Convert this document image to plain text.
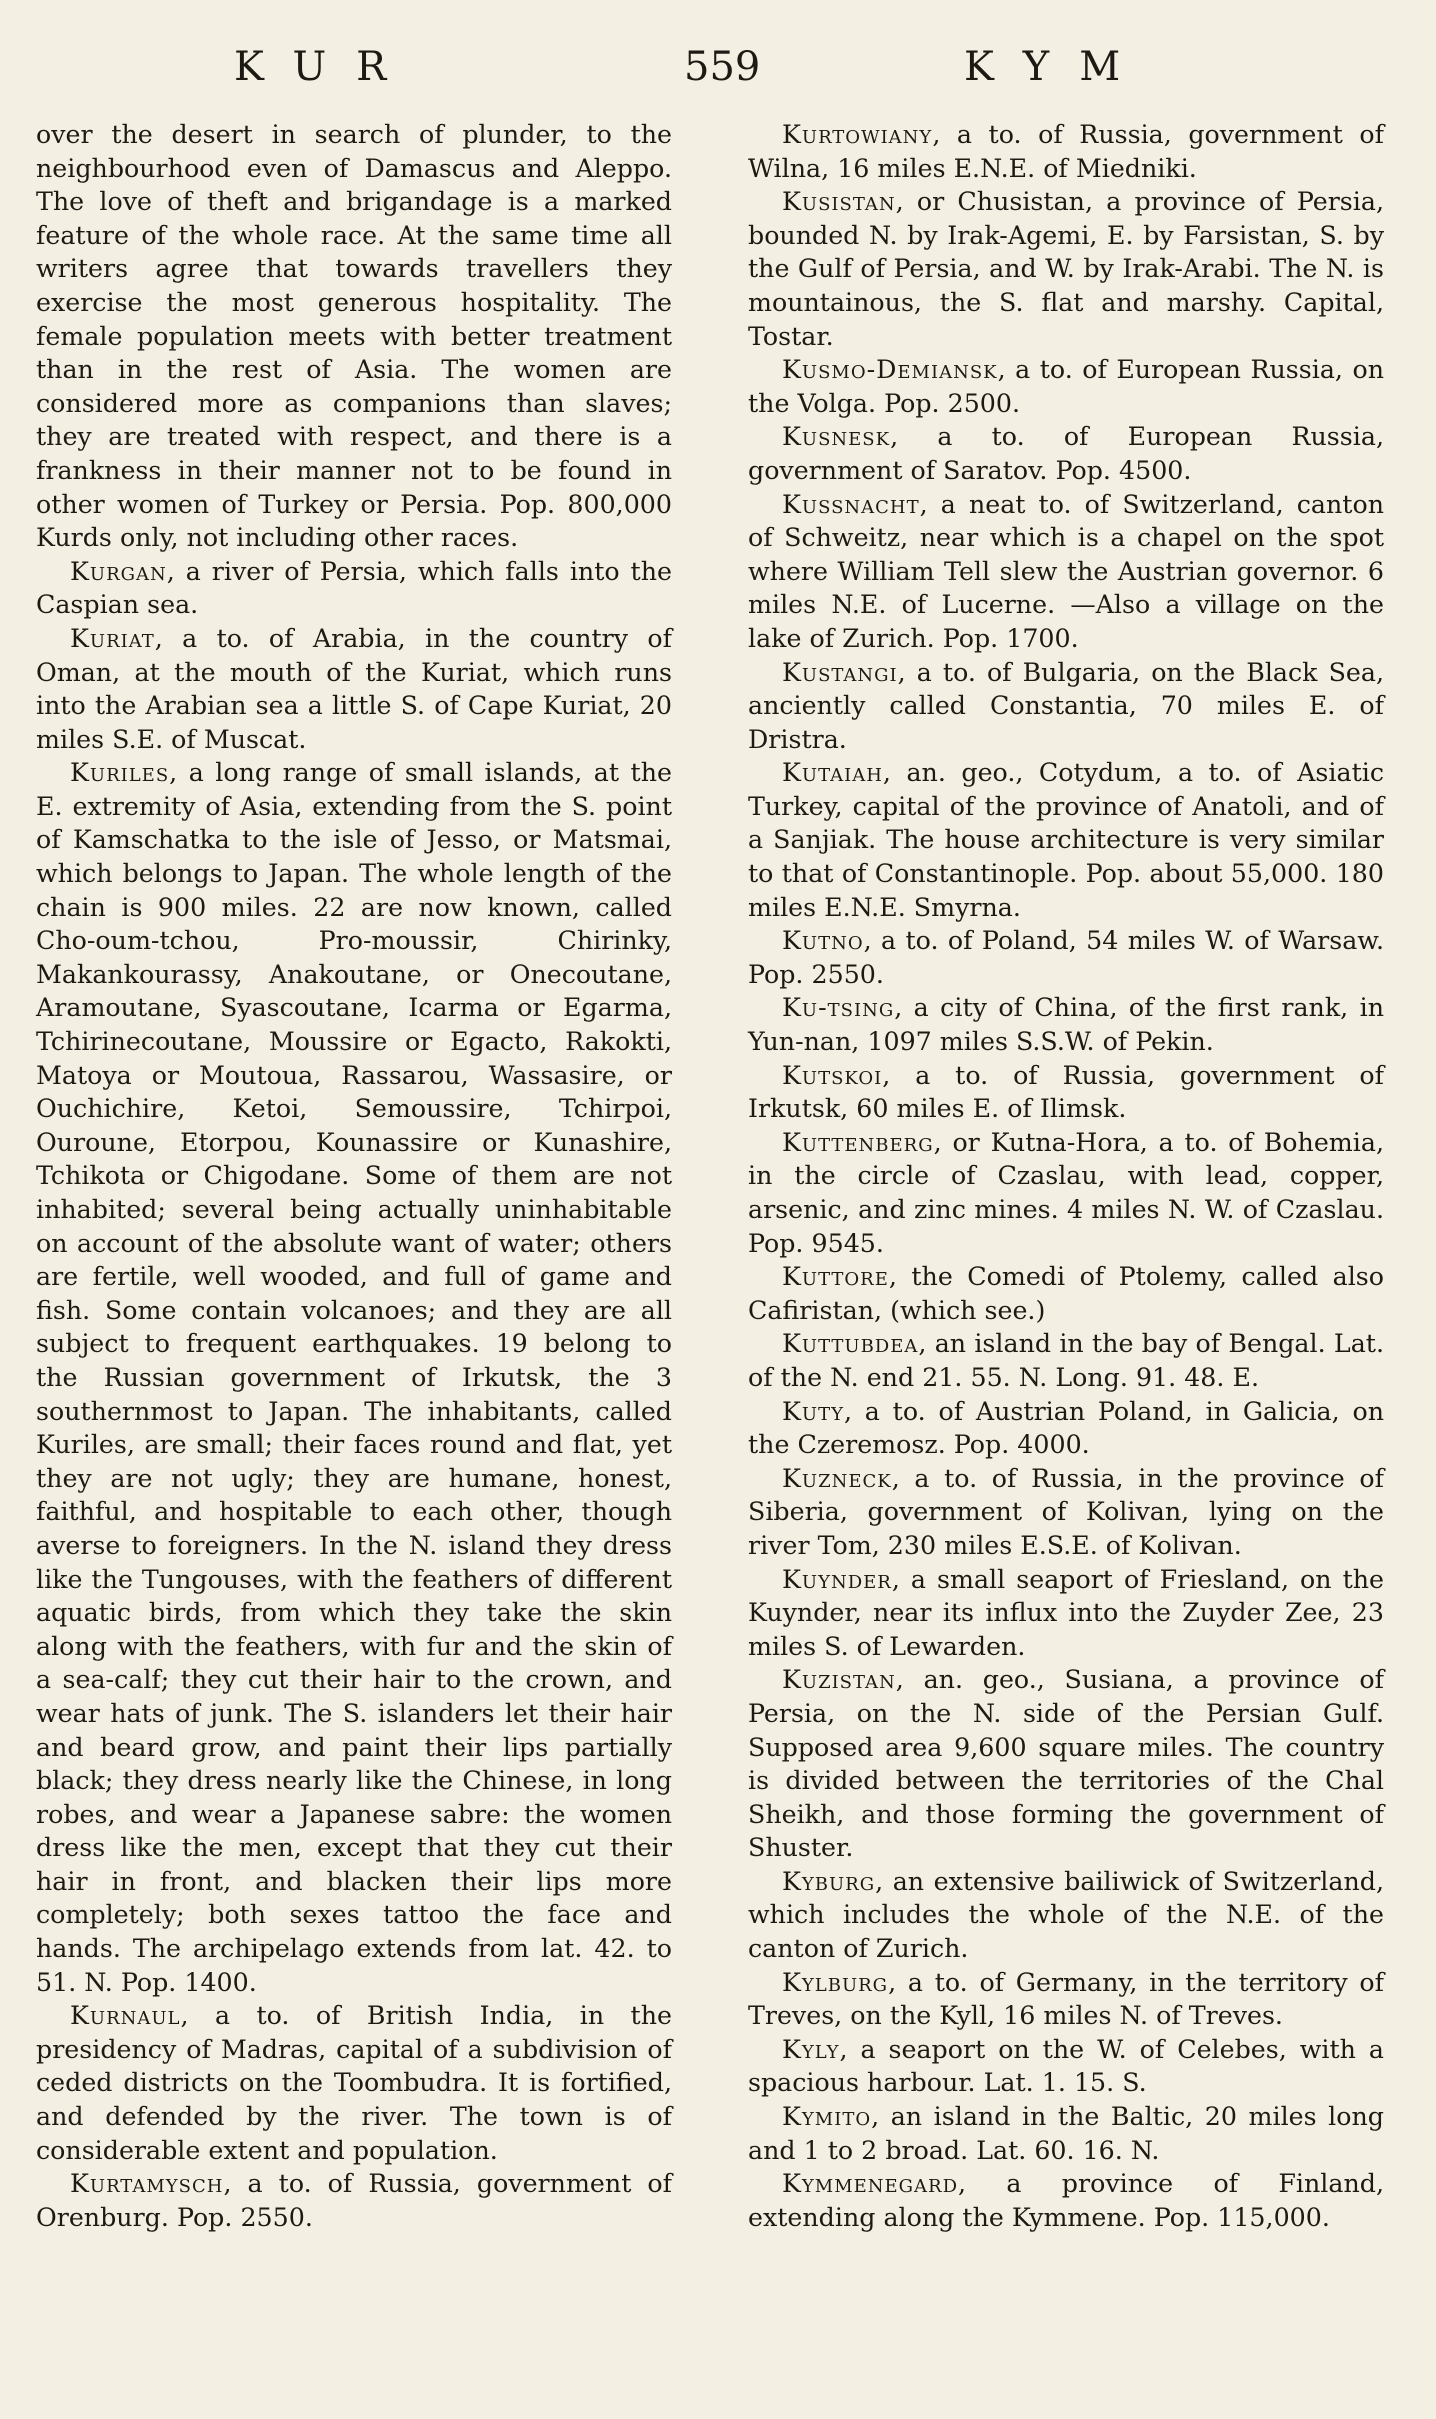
KUR	559	KYM

over the desert in search of plunder, to the neighbourhood even of Damascus and Aleppo. The love of theft and brigandage is a marked feature of the whole race. At the same time all writers agree that towards travellers they exercise the most generous hospitality. The female population meets with better treatment than in the rest of Asia. The women are considered more as companions than slaves; they are treated with respect, and there is a frankness in their manner not to be found in other women of Turkey or Persia. Pop. 800,000 Kurds only, not including other races.

Kurgan, a river of Persia, which falls into the Caspian sea.

Kuriat, a to. of Arabia, in the country of Oman, at the mouth of the Kuriat, which runs into the Arabian sea a little S. of Cape Kuriat, 20 miles S.E. of Muscat.

Kuriles, a long range of small islands, at the E. extremity of Asia, extending from the S. point of Kamschatka to the isle of Jesso, or Matsmai, which belongs to Japan. The whole length of the chain is 900 miles. 22 are now known, called Cho-oum-tchou, Pro-moussir, Chirinky, Makankourassy, Anakoutane, or Onecoutane, Aramoutane, Syascoutane, Icarma or Egarma, Tchirinecoutane, Moussire or Egacto, Rakokti, Matoya or Moutoua, Rassarou, Wassasire, or Ouchichire, Ketoi, Semoussire, Tchirpoi, Ouroune, Etorpou, Kounassire or Kunashire, Tchikota or Chigodane. Some of them are not inhabited; several being actually uninhabitable on account of the absolute want of water; others are fertile, well wooded, and full of game and fish. Some contain volcanoes; and they are all subject to frequent earthquakes. 19 belong to the Russian government of Irkutsk, the 3 southernmost to Japan. The inhabitants, called Kuriles, are small; their faces round and flat, yet they are not ugly; they are humane, honest, faithful, and hospitable to each other, though averse to foreigners. In the N. island they dress like the Tungouses, with the feathers of different aquatic birds, from which they take the skin along with the feathers, with fur and the skin of a sea-calf; they cut their hair to the crown, and wear hats of junk. The S. islanders let their hair and beard grow, and paint their lips partially black; they dress nearly like the Chinese, in long robes, and wear a Japanese sabre: the women dress like the men, except that they cut their hair in front, and blacken their lips more completely; both sexes tattoo the face and hands. The archipelago extends from lat. 42. to 51. N. Pop. 1400.

Kurnaul, a to. of British India, in the presidency of Madras, capital of a subdivision of ceded districts on the Toombudra. It is fortified, and defended by the river. The town is of considerable extent and population.

Kurtamysch, a to. of Russia, government of Orenburg. Pop. 2550.

Kurtowiany, a to. of Russia, government of Wilna, 16 miles E.N.E. of Miedniki.

Kusistan, or Chusistan, a province of Persia, bounded N. by Irak-Agemi, E. by Farsistan, S. by the Gulf of Persia, and W. by Irak-Arabi. The N. is mountainous, the S. flat and marshy. Capital, Tostar.

Kusmo-Demiansk, a to. of European Russia, on the Volga. Pop. 2500.

Kusnesk, a to. of European Russia, government of Saratov. Pop. 4500.

Kussnacht, a neat to. of Switzerland, canton of Schweitz, near which is a chapel on the spot where William Tell slew the Austrian governor. 6 miles N.E. of Lucerne. —Also a village on the lake of Zurich. Pop. 1700.

Kustangi, a to. of Bulgaria, on the Black Sea, anciently called Constantia, 70 miles E. of Dristra.

Kutaiah, an. geo., Cotydum, a to. of Asiatic Turkey, capital of the province of Anatoli, and of a Sanjiak. The house architecture is very similar to that of Constantinople. Pop. about 55,000. 180 miles E.N.E. Smyrna.

Kutno, a to. of Poland, 54 miles W. of Warsaw. Pop. 2550.

Ku-tsing, a city of China, of the first rank, in Yun-nan, 1097 miles S.S.W. of Pekin.

Kutskoi, a to. of Russia, government of Irkutsk, 60 miles E. of Ilimsk.

Kuttenberg, or Kutna-Hora, a to. of Bohemia, in the circle of Czaslau, with lead, copper, arsenic, and zinc mines. 4 miles N. W. of Czaslau. Pop. 9545.

Kuttore, the Comedi of Ptolemy, called also Cafiristan, (which see.)

Kuttubdea, an island in the bay of Bengal. Lat. of the N. end 21. 55. N. Long. 91. 48. E.

Kuty, a to. of Austrian Poland, in Galicia, on the Czeremosz. Pop. 4000.

Kuzneck, a to. of Russia, in the province of Siberia, government of Kolivan, lying on the river Tom, 230 miles E.S.E. of Kolivan.

Kuynder, a small seaport of Friesland, on the Kuynder, near its influx into the Zuyder Zee, 23 miles S. of Lewarden.

Kuzistan, an. geo., Susiana, a province of Persia, on the N. side of the Persian Gulf. Supposed area 9,600 square miles. The country is divided between the territories of the Chal Sheikh, and those forming the government of Shuster.

Kyburg, an extensive bailiwick of Switzerland, which includes the whole of the N.E. of the canton of Zurich.

Kylburg, a to. of Germany, in the territory of Treves, on the Kyll, 16 miles N. of Treves.

Kyly, a seaport on the W. of Celebes, with a spacious harbour. Lat. 1. 15. S.

Kymito, an island in the Baltic, 20 miles long and 1 to 2 broad. Lat. 60. 16. N.

Kymmenegard, a province of Finland, extending along the Kymmene. Pop. 115,000.
